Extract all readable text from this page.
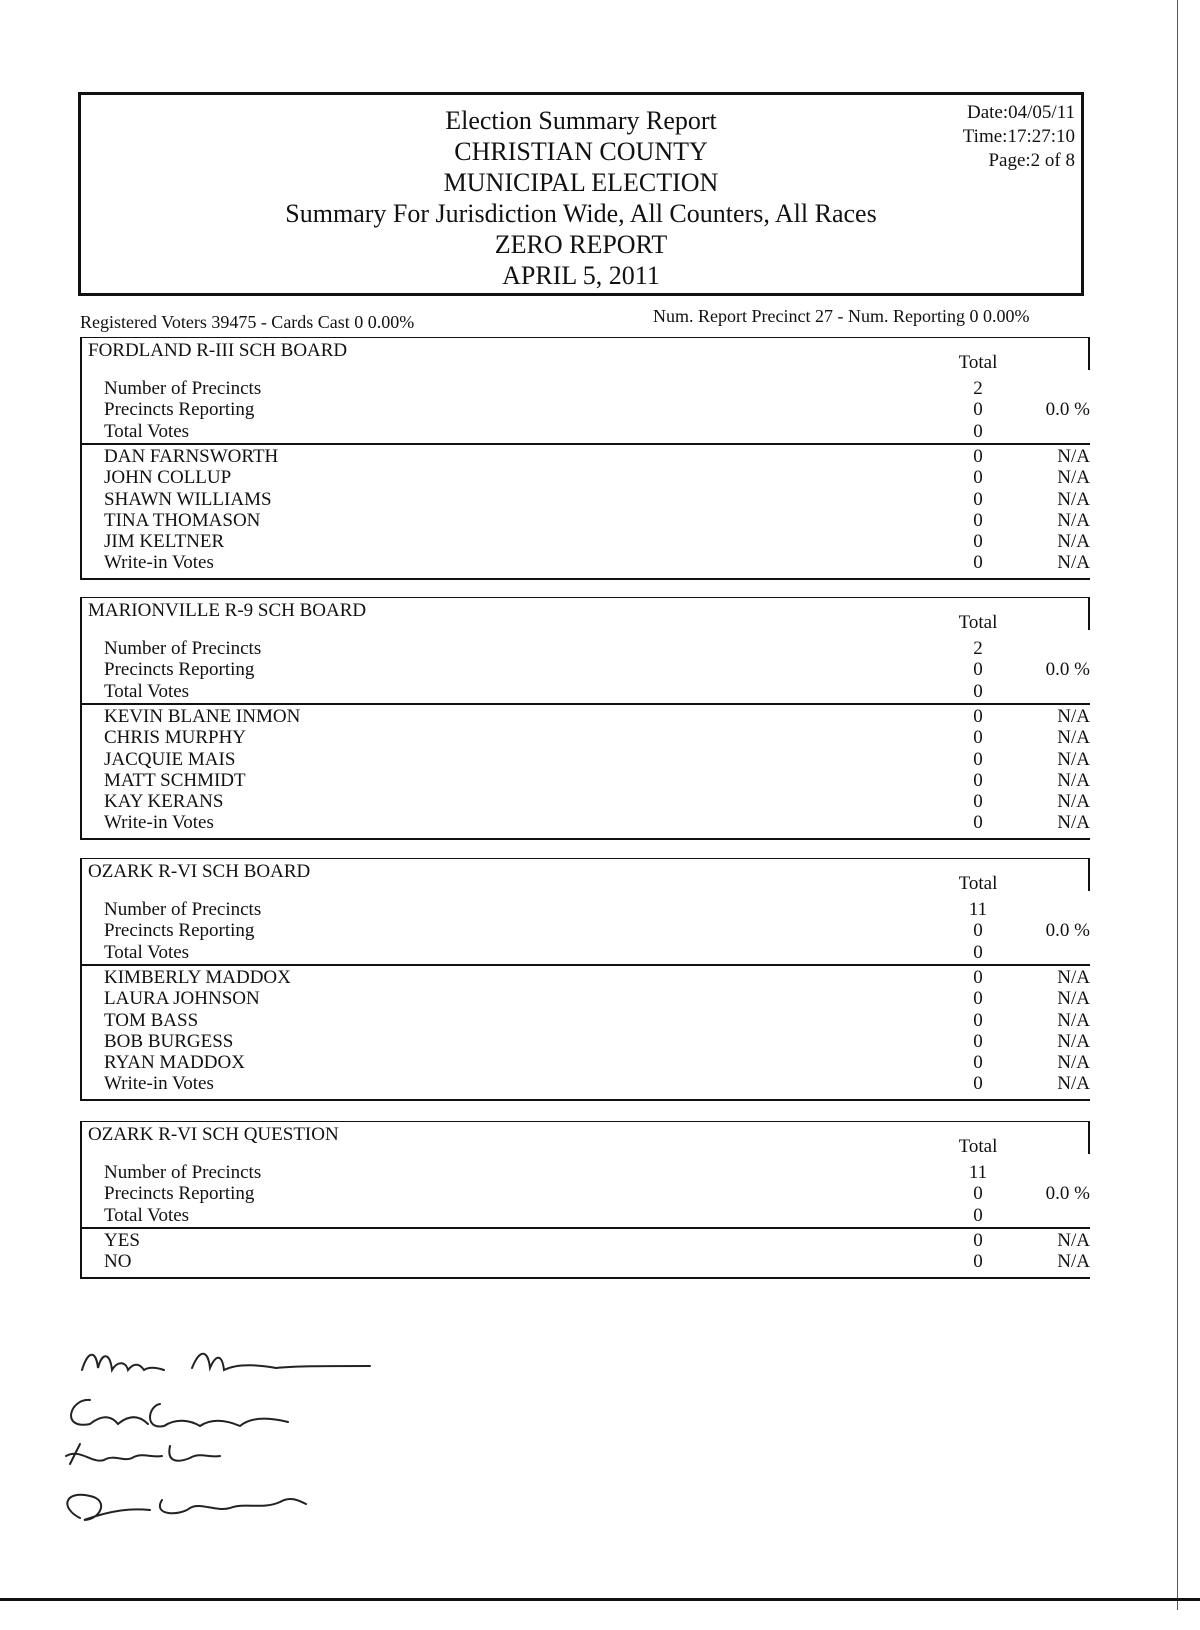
Election Summary Report
CHRISTIAN COUNTY
MUNICIPAL ELECTION
Summary For Jurisdiction Wide, All Counters, All Races
ZERO REPORT
APRIL 5, 2011
Date:04/05/11
Time:17:27:10
Page:2 of 8
Registered Voters 39475 - Cards Cast 0 0.00%	Num. Report Precinct 27 - Num. Reporting 0 0.00%
FORDLAND R-III SCH BOARD
Total
Number of Precincts	2
Precincts Reporting	0	0.0 %
Total Votes	0
DAN FARNSWORTH	0	N/A
JOHN COLLUP	0	N/A
SHAWN WILLIAMS	0	N/A
TINA THOMASON	0	N/A
JIM KELTNER	0	N/A
Write-in Votes	0	N/A
MARIONVILLE R-9 SCH BOARD
Total
Number of Precincts	2
Precincts Reporting	0	0.0 %
Total Votes	0
KEVIN BLANE INMON	0	N/A
CHRIS MURPHY	0	N/A
JACQUIE MAIS	0	N/A
MATT SCHMIDT	0	N/A
KAY KERANS	0	N/A
Write-in Votes	0	N/A
OZARK R-VI SCH BOARD
Total
Number of Precincts	11
Precincts Reporting	0	0.0 %
Total Votes	0
KIMBERLY MADDOX	0	N/A
LAURA JOHNSON	0	N/A
TOM BASS	0	N/A
BOB BURGESS	0	N/A
RYAN MADDOX	0	N/A
Write-in Votes	0	N/A
OZARK R-VI SCH QUESTION
Total
Number of Precincts	11
Precincts Reporting	0	0.0 %
Total Votes	0
YES	0	N/A
NO	0	N/A
